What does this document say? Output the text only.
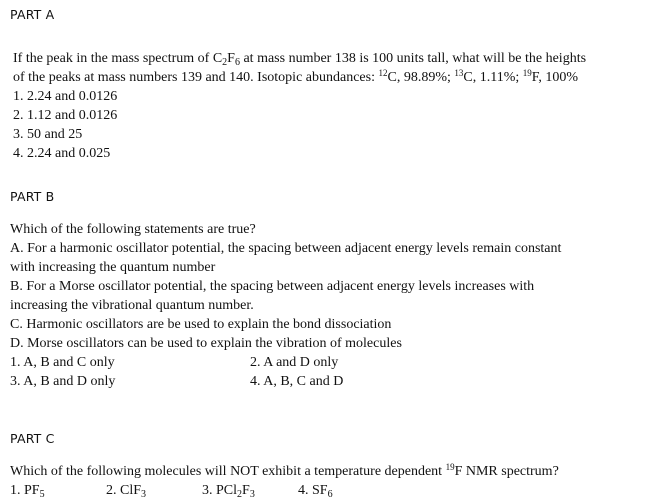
PART A
If the peak in the mass spectrum of $C_2F_6$ at mass number 138 is 100 units tall, what will be the heights
of the peaks at mass numbers 139 and 140. Isotopic abundances: $^{12}$C, 98.89%; $^{13}$C, 1.11%; $^{19}$F, 100%
1. 2.24 and 0.0126
2. 1.12 and 0.0126
3. 50 and 25
4. 2.24 and 0.025
PART B
Which of the following statements are true?
A. For a harmonic oscillator potential, the spacing between adjacent energy levels remain constant
with increasing the quantum number
B. For a Morse oscillator potential, the spacing between adjacent energy levels increases with
increasing the vibrational quantum number.
C. Harmonic oscillators are be used to explain the bond dissociation
D. Morse oscillators can be used to explain the vibration of molecules
1. A, B and C only	2. A and D only
3. A, B and D only	4. A, B, C and D
PART C
Which of the following molecules will NOT exhibit a temperature dependent $^{19}$F NMR spectrum?
1. $PF_5$	2. ClF$_3$	3. $PCl_2F_3$	4. $SF_6$
